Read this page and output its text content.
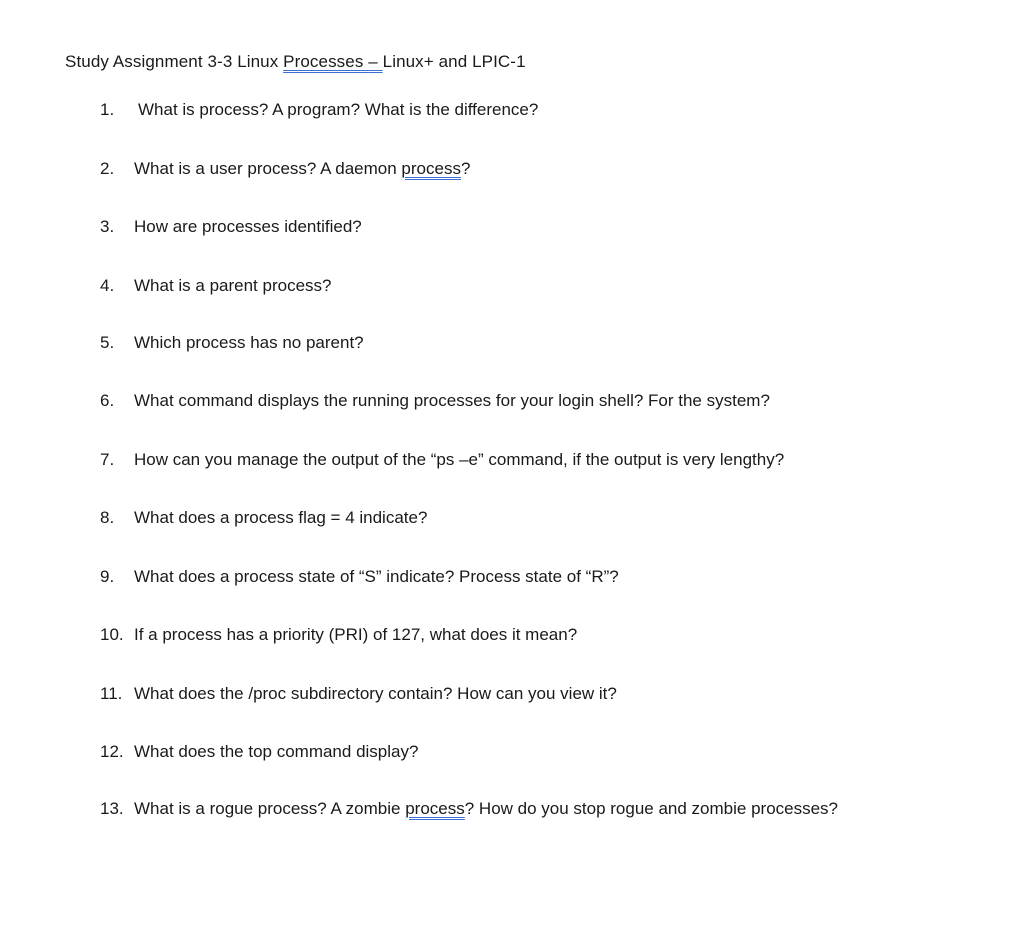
Study Assignment 3-3 Linux Processes – Linux+ and LPIC-1
1. What is process? A program? What is the difference?
2. What is a user process? A daemon process?
3. How are processes identified?
4. What is a parent process?
5. Which process has no parent?
6. What command displays the running processes for your login shell? For the system?
7. How can you manage the output of the “ps –e” command, if the output is very lengthy?
8. What does a process flag = 4 indicate?
9. What does a process state of “S” indicate? Process state of “R”?
10. If a process has a priority (PRI) of 127, what does it mean?
11. What does the /proc subdirectory contain? How can you view it?
12. What does the top command display?
13. What is a rogue process? A zombie process? How do you stop rogue and zombie processes?
